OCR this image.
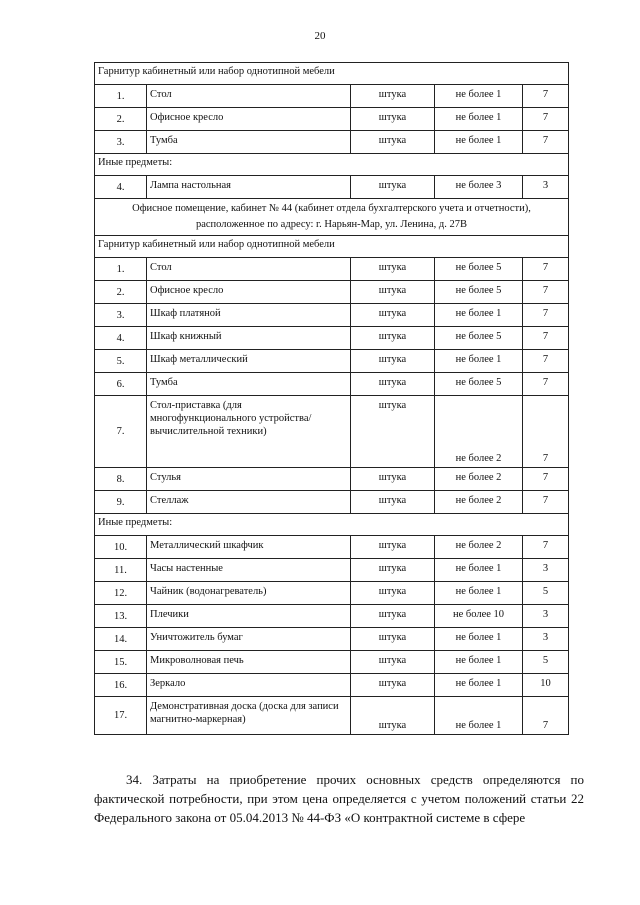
20
Гарнитур кабинетный или набор однотипной мебели				
1.	Стол	штука	не более 1	7
2.	Офисное кресло	штука	не более 1	7
3.	Тумба	штука	не более 1	7
Иные предметы:				
4.	Лампа настольная	штука	не более 3	3
Офисное помещение, кабинет № 44 (кабинет отдела бухгалтерского учета и отчетности), расположенное по адресу: г. Нарьян-Мар, ул. Ленина, д. 27В				
Гарнитур кабинетный или набор однотипной мебели				
1.	Стол	штука	не более 5	7
2.	Офисное кресло	штука	не более 5	7
3.	Шкаф платяной	штука	не более 1	7
4.	Шкаф книжный	штука	не более 5	7
5.	Шкаф металлический	штука	не более 1	7
6.	Тумба	штука	не более 5	7
7.	Стол-приставка (для многофункционального устройства/вычислительной техники)	штука	не более 2	7
8.	Стулья	штука	не более 2	7
9.	Стеллаж	штука	не более 2	7
Иные предметы:				
10.	Металлический шкафчик	штука	не более 2	7
11.	Часы настенные	штука	не более 1	3
12.	Чайник (водонагреватель)	штука	не более 1	5
13.	Плечики	штука	не более 10	3
14.	Уничтожитель бумаг	штука	не более 1	3
15.	Микроволновая печь	штука	не более 1	5
16.	Зеркало	штука	не более 1	10
17.	Демонстративная доска (доска для записи магнитно-маркерная)	штука	не более 1	7
34. Затраты на приобретение прочих основных средств определяются по фактической потребности, при этом цена определяется с учетом положений статьи 22 Федерального закона от 05.04.2013 № 44-ФЗ «О контрактной системе в сфере
